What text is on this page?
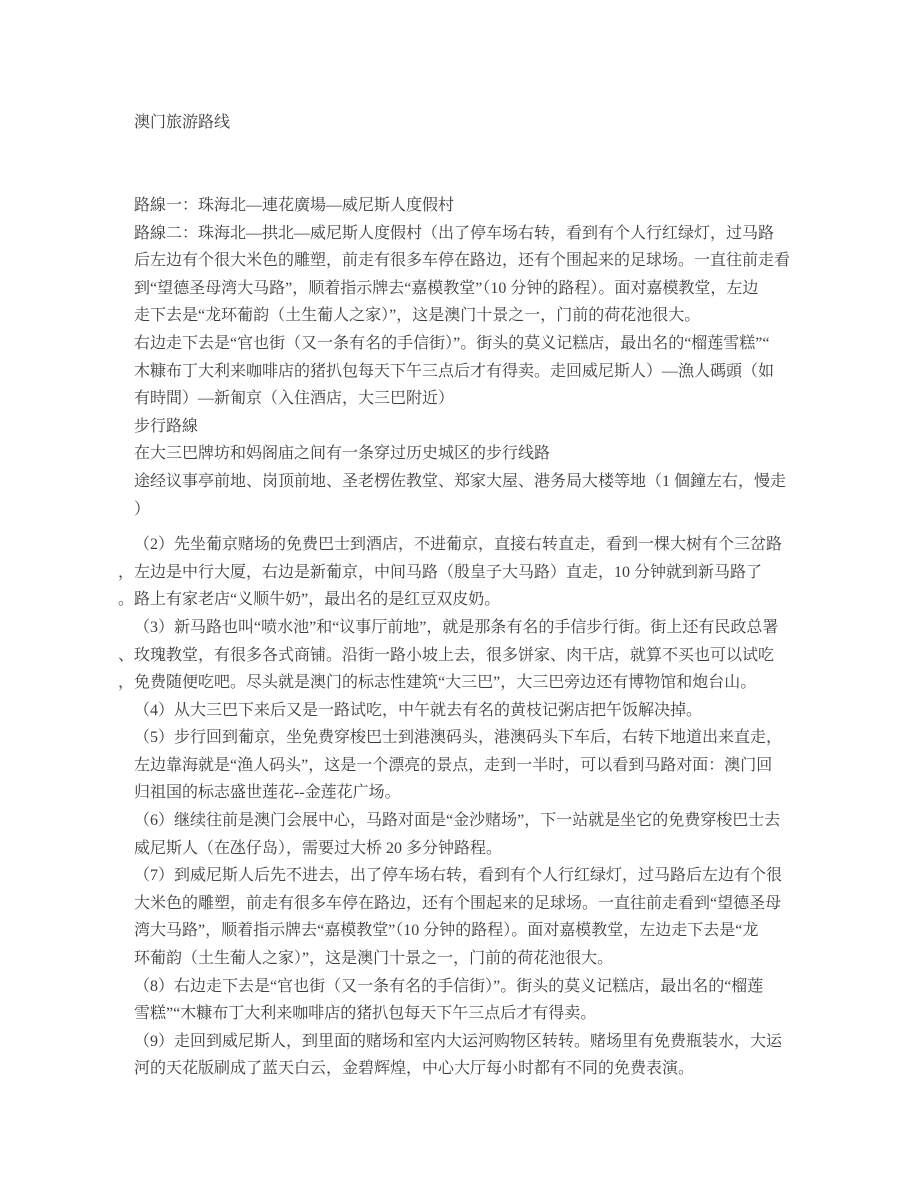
澳门旅游路线
路線一：珠海北—連花廣場—威尼斯人度假村
路線二：珠海北—拱北—威尼斯人度假村（出了停车场右转，看到有个人行红绿灯，过马路
后左边有个很大米色的雕塑，前走有很多车停在路边，还有个围起来的足球场。一直往前走看
到“望德圣母湾大马路”，顺着指示牌去“嘉模教堂”（10 分钟的路程）。面对嘉模教堂，左边
走下去是“龙环葡韵（土生葡人之家）”，这是澳门十景之一，门前的荷花池很大。
右边走下去是“官也街（又一条有名的手信街）”。街头的莫义记糕店，最出名的“榴莲雪糕”“
木糠布丁大利来咖啡店的猪扒包每天下午三点后才有得卖。走回威尼斯人）—漁人碼頭（如
有時間）—新匍京（入住酒店，大三巴附近）
步行路線
在大三巴牌坊和妈阁庙之间有一条穿过历史城区的步行线路
途经议事亭前地、岗顶前地、圣老楞佐教堂、郑家大屋、港务局大楼等地（1 個鐘左右，慢走
）
（2）先坐葡京赌场的免费巴士到酒店，不进葡京，直接右转直走，看到一棵大树有个三岔路
，左边是中行大厦，右边是新葡京，中间马路（殷皇子大马路）直走，10 分钟就到新马路了
。路上有家老店“义顺牛奶”，最出名的是红豆双皮奶。
（3）新马路也叫“喷水池”和“议事厅前地”，就是那条有名的手信步行街。街上还有民政总署
、玫瑰教堂，有很多各式商铺。沿街一路小坡上去，很多饼家、肉干店，就算不买也可以试吃
，免费随便吃吧。尽头就是澳门的标志性建筑“大三巴”，大三巴旁边还有博物馆和炮台山。
（4）从大三巴下来后又是一路试吃，中午就去有名的黄枝记粥店把午饭解决掉。
（5）步行回到葡京，坐免费穿梭巴士到港澳码头，港澳码头下车后，右转下地道出来直走，
左边靠海就是“渔人码头”，这是一个漂亮的景点，走到一半时，可以看到马路对面：澳门回
归祖国的标志盛世莲花--金莲花广场。
（6）继续往前是澳门会展中心，马路对面是“金沙赌场”，下一站就是坐它的免费穿梭巴士去
威尼斯人（在氹仔岛），需要过大桥 20 多分钟路程。
（7）到威尼斯人后先不进去，出了停车场右转，看到有个人行红绿灯，过马路后左边有个很
大米色的雕塑，前走有很多车停在路边，还有个围起来的足球场。一直往前走看到“望德圣母
湾大马路”，顺着指示牌去“嘉模教堂”（10 分钟的路程）。面对嘉模教堂，左边走下去是“龙
环葡韵（土生葡人之家）”，这是澳门十景之一，门前的荷花池很大。
（8）右边走下去是“官也街（又一条有名的手信街）”。街头的莫义记糕店，最出名的“榴莲
雪糕”“木糠布丁大利来咖啡店的猪扒包每天下午三点后才有得卖。
（9）走回到威尼斯人，到里面的赌场和室内大运河购物区转转。赌场里有免费瓶装水，大运
河的天花版刷成了蓝天白云，金碧辉煌，中心大厅每小时都有不同的免费表演。
